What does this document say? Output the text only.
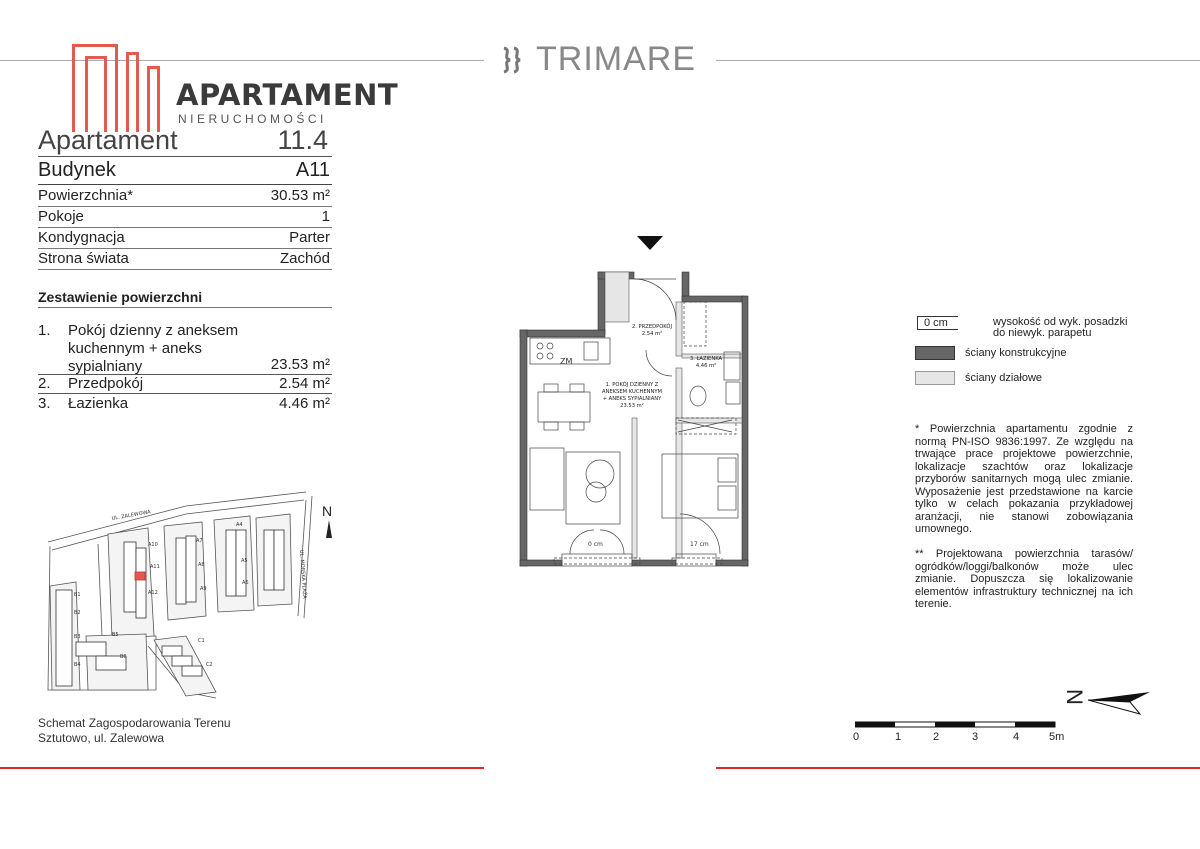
TRIMARE
APARTAMENT
NIERUCHOMOŚCI
Apartament	11.4
Budynek	A11
Powierzchnia*	30.53 m²
Pokoje	1
Kondygnacja	Parter
Strona świata	Zachód
Zestawienie powierzchni
1. Pokój dzienny z aneksem
kuchennym + aneks
sypialniany	23.53 m²
2. Przedpokój	2.54 m²
3. Łazienka	4.46 m²
UL. ZALEWOWA
UL. MORSKA PLAŻA
A10
A11
A12
A7
A8
A9
A4
A5
A6
B1
B2
B3
B4
B5
B6
C1
C2
N
Schemat Zagospodarowania Terenu
Sztutowo, ul. Zalewowa
1. POKÓJ DZIENNY Z
ANEKSEM KUCHENNYM
+ ANEKS SYPIALNIANY
23.53 m²
2. PRZEDPOKÓJ
2.54 m²
3. ŁAZIENKA
4.46 m²
ZM
0 cm	17 cm
0 cm	wysokość od wyk. posadzki
do niewyk. parapetu
ściany konstrukcyjne
ściany działowe
* Powierzchnia apartamentu zgodnie z normą PN-ISO 9836:1997. Ze względu na trwające prace projektowe powierzchnie, lokalizacje szachtów oraz lokalizacje przyborów sanitarnych mogą ulec zmianie. Wyposażenie jest przedstawione na karcie tylko w celach pokazania przykładowej aranżacji, nie stanowi zobowiązania umownego.
** Projektowana powierzchnia tarasów/ ogródków/loggi/balkonów może ulec zmianie. Dopuszcza się lokalizowanie elementów infrastruktury technicznej na ich terenie.
N
0	1	2	3	4	5m
